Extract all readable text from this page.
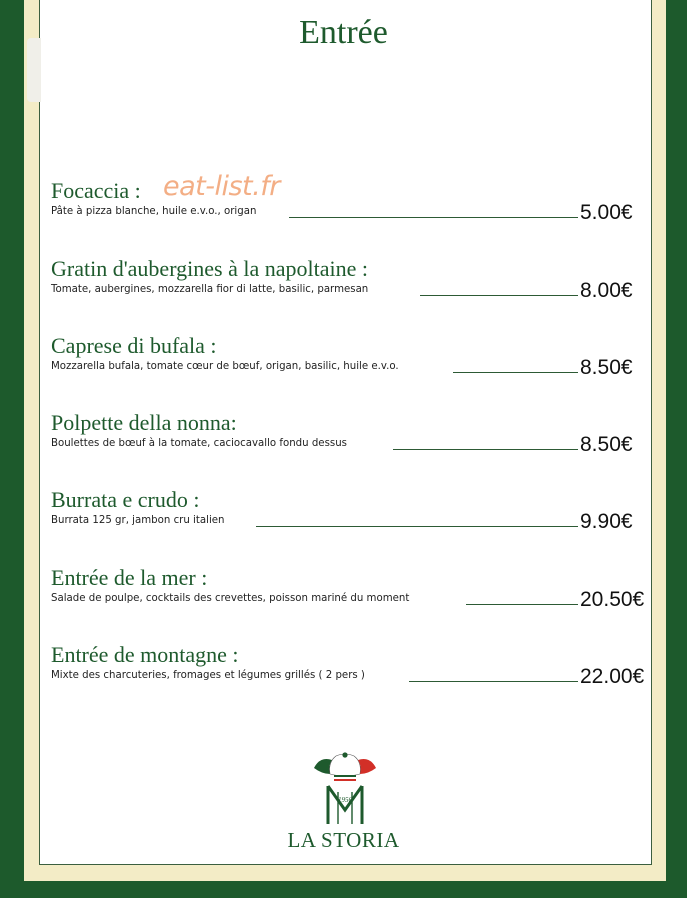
Entrée
eat-list.fr
Focaccia :
Pâte à pizza blanche, huile e.v.o., origan	5.00€
Gratin d'aubergines à la napoltaine :
Tomate, aubergines, mozzarella fior di latte, basilic, parmesan	8.00€
Caprese di bufala :
Mozzarella bufala, tomate cœur de bœuf, origan, basilic, huile e.v.o.	8.50€
Polpette della nonna:
Boulettes de bœuf à la tomate, caciocavallo fondu dessus	8.50€
Burrata e crudo :
Burrata 125 gr, jambon cru italien	9.90€
Entrée de la mer :
Salade de poulpe, cocktails des crevettes, poisson mariné du moment	20.50€
Entrée de montagne :
Mixte des charcuteries, fromages et légumes grillés ( 2 pers )	22.00€
1956
LA STORIA
